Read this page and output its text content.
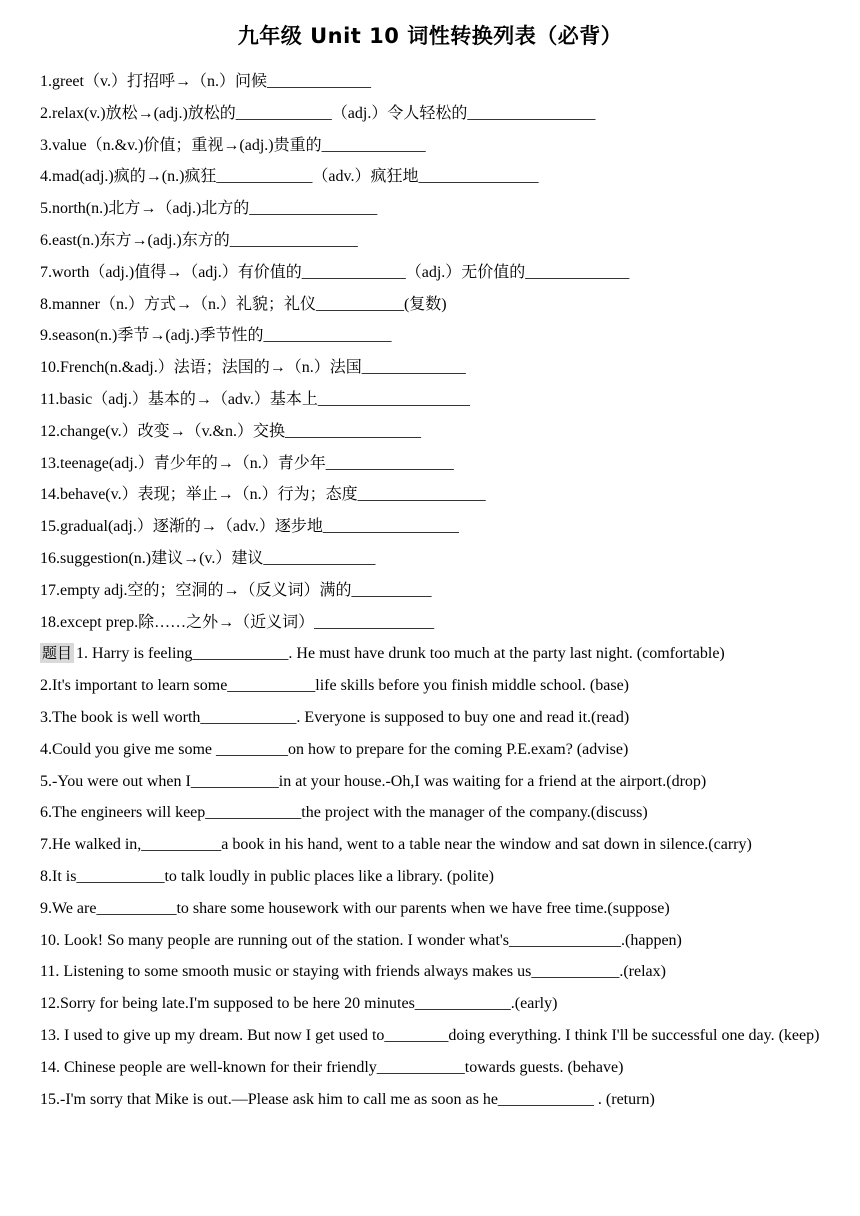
九年级 Unit 10 词性转换列表（必背）
1.greet（v.）打招呼→（n.）问候_____________
2.relax(v.)放松→(adj.)放松的____________（adj.）令人轻松的________________
3.value（n.&v.)价值；重视→(adj.)贵重的_____________
4.mad(adj.)疯的→(n.)疯狂____________（adv.）疯狂地_______________
5.north(n.)北方→（adj.)北方的________________
6.east(n.)东方→(adj.)东方的________________
7.worth（adj.)值得→（adj.）有价值的_____________（adj.）无价值的_____________
8.manner（n.）方式→（n.）礼貌；礼仪___________(复数)
9.season(n.)季节→(adj.)季节性的________________
10.French(n.&adj.）法语；法国的→（n.）法国_____________
11.basic（adj.）基本的→（adv.）基本上___________________
12.change(v.）改变→（v.&n.）交换_________________
13.teenage(adj.）青少年的→（n.）青少年________________
14.behave(v.）表现；举止→（n.）行为；态度________________
15.gradual(adj.）逐渐的→（adv.）逐步地_________________
16.suggestion(n.)建议→(v.）建议______________
17.empty adj.空的；空洞的→（反义词）满的__________
18.except prep.除……之外→（近义词）_______________
题目 1. Harry is feeling____________. He must have drunk too much at the party last night. (comfortable)
2.It's important to learn some___________life skills before you finish middle school. (base)
3.The book is well worth____________. Everyone is supposed to buy one and read it.(read)
4.Could you give me some _________on how to prepare for the coming P.E.exam? (advise)
5.-You were out when I___________in at your house.-Oh,I was waiting for a friend at the airport.(drop)
6.The engineers will keep____________the project with the manager of the company.(discuss)
7.He walked in,__________a book in his hand, went to a table near the window and sat down in silence.(carry)
8.It is___________to talk loudly in public places like a library. (polite)
9.We are__________to share some housework with our parents when we have free time.(suppose)
10. Look! So many people are running out of the station. I wonder what's______________.(happen)
11. Listening to some smooth music or staying with friends always makes us___________.(relax)
12.Sorry for being late.I'm supposed to be here 20 minutes____________.(early)
13. I used to give up my dream. But now I get used to________doing everything. I think I'll be successful one day. (keep)
14. Chinese people are well-known for their friendly___________towards guests. (behave)
15.-I'm sorry that Mike is out.—Please ask him to call me as soon as he____________ . (return)
